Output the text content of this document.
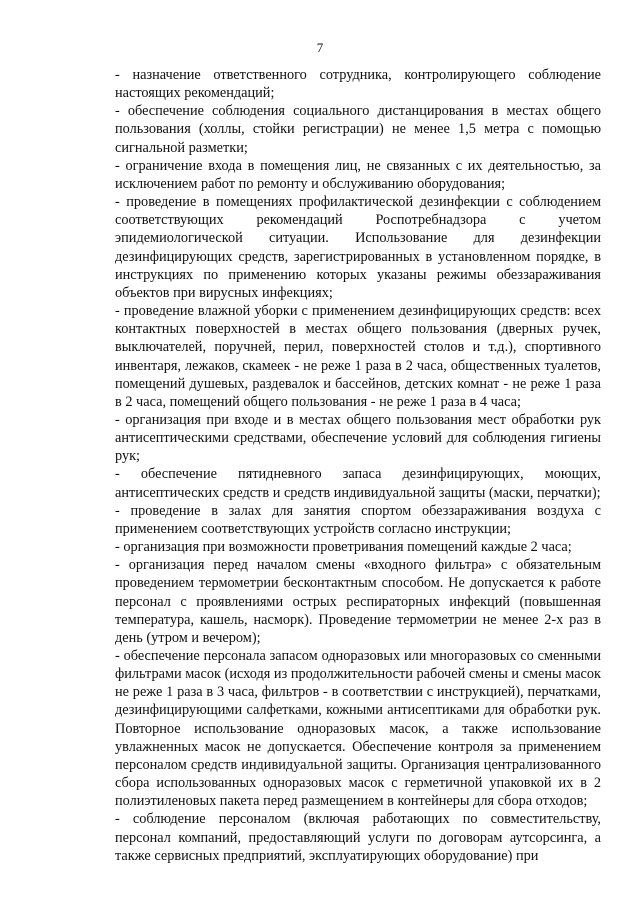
7

- назначение ответственного сотрудника, контролирующего соблюдение настоящих рекомендаций;

- обеспечение соблюдения социального дистанцирования в местах общего пользования (холлы, стойки регистрации) не менее 1,5 метра с помощью сигнальной разметки;

- ограничение входа в помещения лиц, не связанных с их деятельностью, за исключением работ по ремонту и обслуживанию оборудования;

- проведение в помещениях профилактической дезинфекции с соблюдением соответствующих рекомендаций Роспотребнадзора с учетом эпидемиологической ситуации. Использование для дезинфекции дезинфицирующих средств, зарегистрированных в установленном порядке, в инструкциях по применению которых указаны режимы обеззараживания объектов при вирусных инфекциях;

- проведение влажной уборки с применением дезинфицирующих средств: всех контактных поверхностей в местах общего пользования (дверных ручек, выключателей, поручней, перил, поверхностей столов и т.д.), спортивного инвентаря, лежаков, скамеек - не реже 1 раза в 2 часа, общественных туалетов, помещений душевых, раздевалок и бассейнов, детских комнат - не реже 1 раза в 2 часа, помещений общего пользования - не реже 1 раза в 4 часа;

- организация при входе и в местах общего пользования мест обработки рук антисептическими средствами, обеспечение условий для соблюдения гигиены рук;

- обеспечение пятидневного запаса дезинфицирующих, моющих, антисептических средств и средств индивидуальной защиты (маски, перчатки);

- проведение в залах для занятия спортом обеззараживания воздуха с применением соответствующих устройств согласно инструкции;

- организация при возможности проветривания помещений каждые 2 часа;

- организация перед началом смены «входного фильтра» с обязательным проведением термометрии бесконтактным способом. Не допускается к работе персонал с проявлениями острых респираторных инфекций (повышенная температура, кашель, насморк). Проведение термометрии не менее 2-х раз в день (утром и вечером);

- обеспечение персонала запасом одноразовых или многоразовых со сменными фильтрами масок (исходя из продолжительности рабочей смены и смены масок не реже 1 раза в 3 часа, фильтров - в соответствии с инструкцией), перчатками, дезинфицирующими салфетками, кожными антисептиками для обработки рук. Повторное использование одноразовых масок, а также использование увлажненных масок не допускается. Обеспечение контроля за применением персоналом средств индивидуальной защиты. Организация централизованного сбора использованных одноразовых масок с герметичной упаковкой их в 2 полиэтиленовых пакета перед размещением в контейнеры для сбора отходов;

- соблюдение персоналом (включая работающих по совместительству, персонал компаний, предоставляющий услуги по договорам аутсорсинга, а также сервисных предприятий, эксплуатирующих оборудование) при
